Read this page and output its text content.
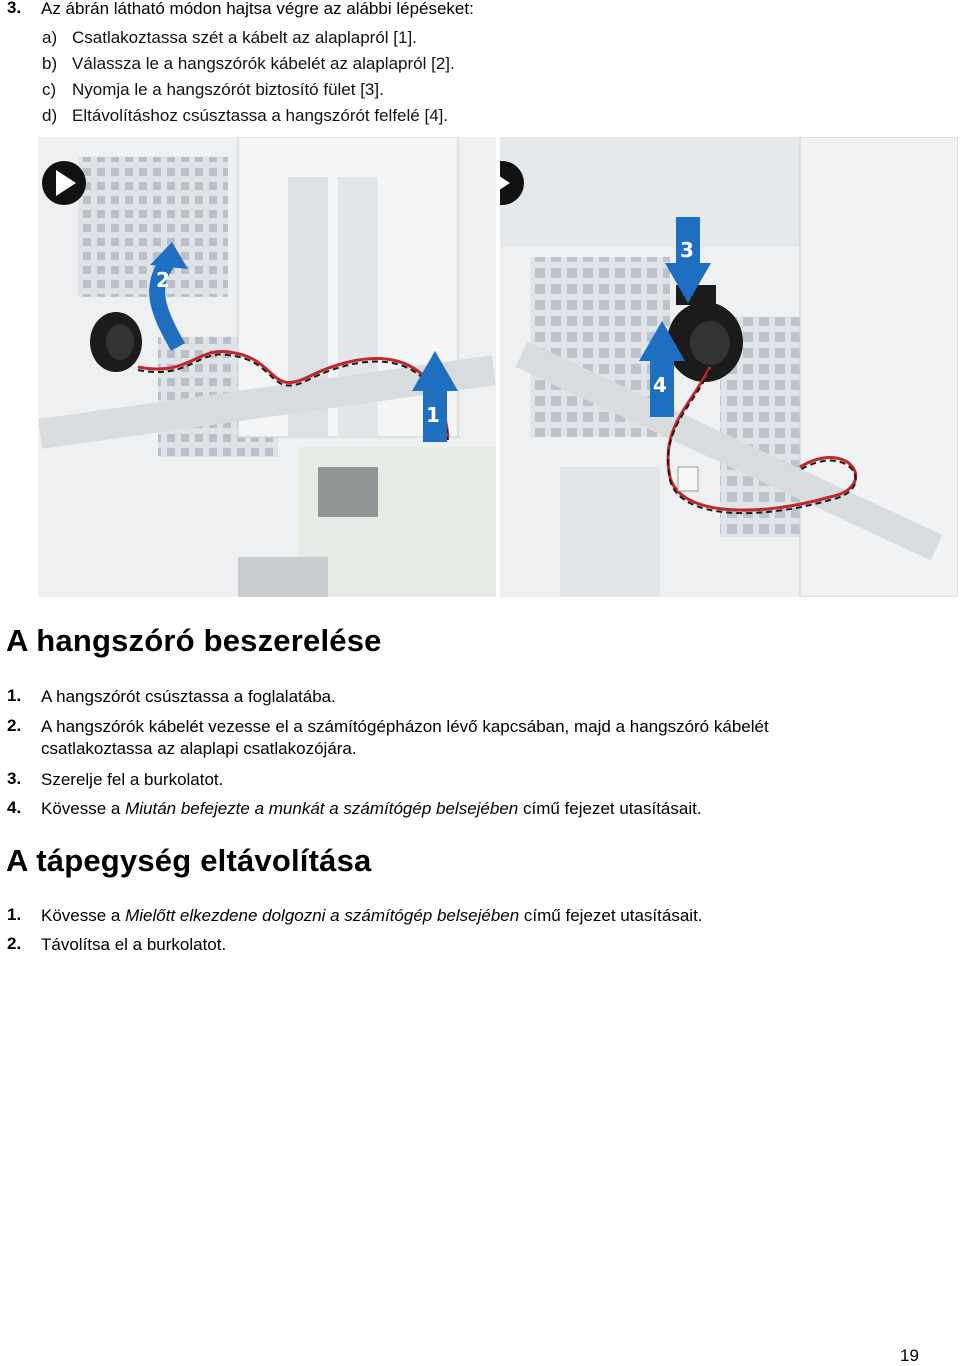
3. Az ábrán látható módon hajtsa végre az alábbi lépéseket:
a) Csatlakoztassa szét a kábelt az alaplapról [1].
b) Válassza le a hangszórók kábelét az alaplapról [2].
c) Nyomja le a hangszórót biztosító fület [3].
d) Eltávolításhoz csúsztassa a hangszórót felfelé [4].
2
1
3
4
A hangszóró beszerelése
1. A hangszórót csúsztassa a foglalatába.
2. A hangszórók kábelét vezesse el a számítógépházon lévő kapcsában, majd a hangszóró kábelét
csatlakoztassa az alaplapi csatlakozójára.
3. Szerelje fel a burkolatot.
4. Kövesse a Miután befejezte a munkát a számítógép belsejében című fejezet utasításait.
A tápegység eltávolítása
1. Kövesse a Mielőtt elkezdene dolgozni a számítógép belsejében című fejezet utasításait.
2. Távolítsa el a burkolatot.
19
